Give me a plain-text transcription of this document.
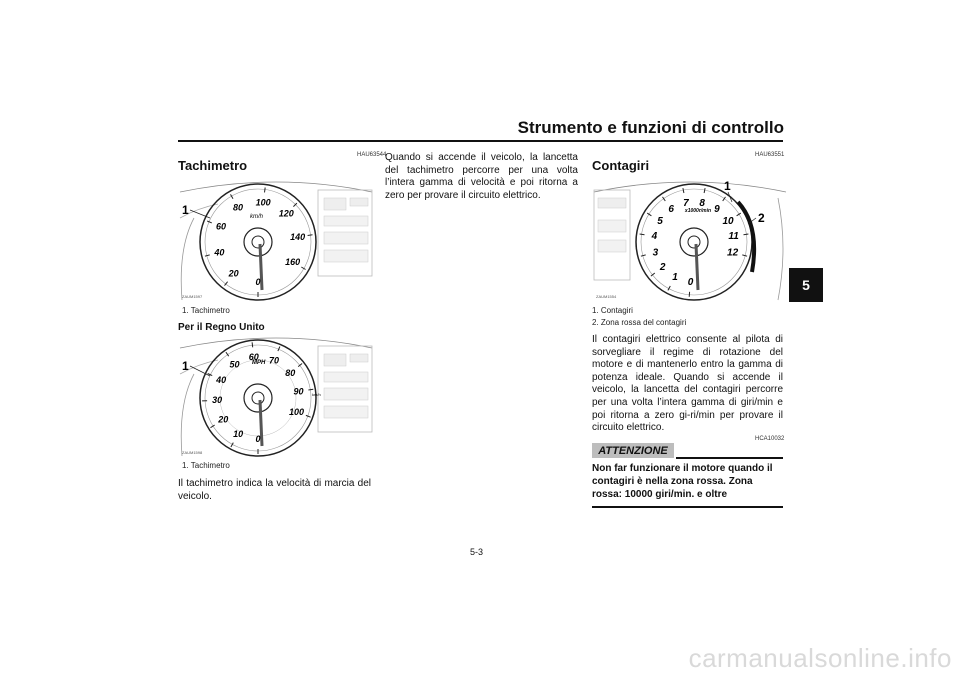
Strumento e funzioni di controllo
5
HAU63544
Tachimetro
1	km/h
0
20
40
60
80
100
120
140
160
ZAUM1597
1. Tachimetro
Per il Regno Unito
1	MPH
km/h
0
10
20
30
40
50
60 70
80
90
100
ZAUM1598
1. Tachimetro
Il tachimetro indica la velocità di marcia del veicolo.
Quando si accende il veicolo, la lancetta del tachimetro percorre per una volta l’intera gamma di velocità e poi ritorna a zero per provare il circuito elettrico.
HAU63551
Contagiri
1
2
x1000r/min
0
1
2
3
4
5
6
7 8
9
10
11
12
ZAUM1554
1. Contagiri
2. Zona rossa del contagiri
Il contagiri elettrico consente al pilota di sorvegliare il regime di rotazione del motore e di mantenerlo entro la gamma di potenza ideale. Quando si accende il veicolo, la lancetta del contagiri percorre per una volta l’intera gamma di giri/min e poi ritorna a zero gi-ri/min per provare il circuito elettrico.
HCA10032
ATTENZIONE
Non far funzionare il motore quando il contagiri è nella zona rossa. Zona rossa: 10000 giri/min. e oltre
5-3
carmanualsonline.info
